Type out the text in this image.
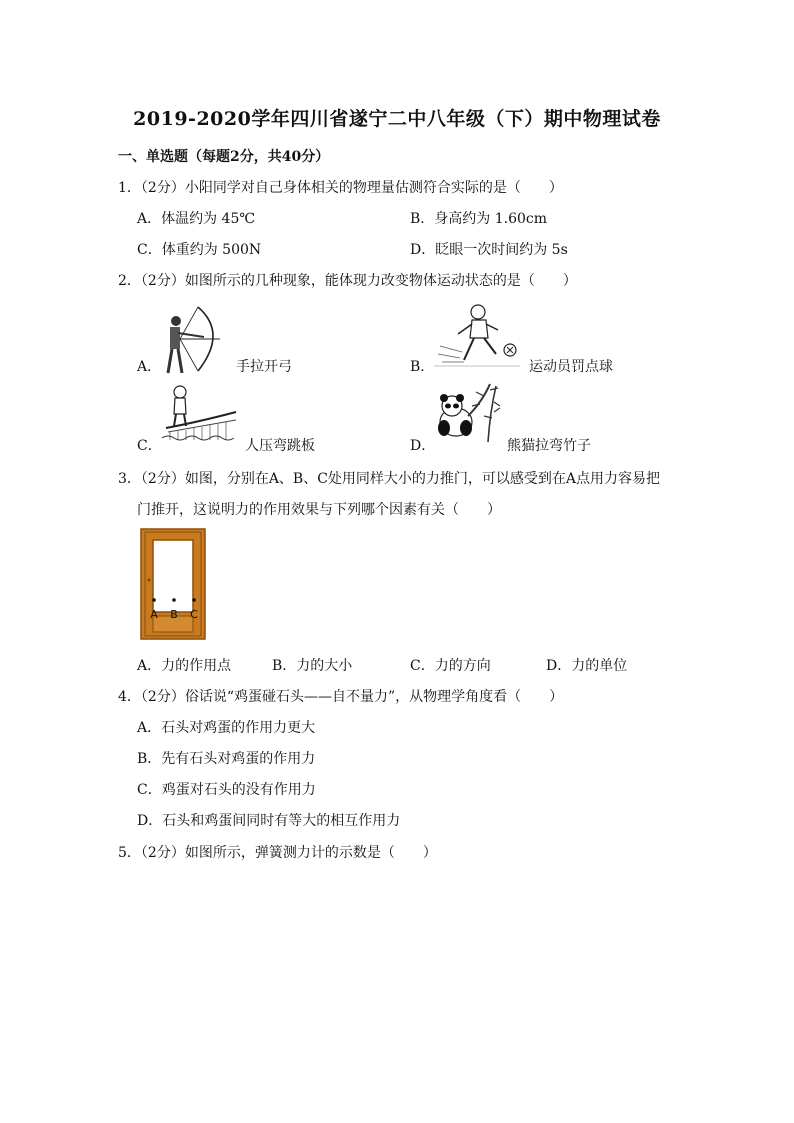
2019-2020学年四川省遂宁二中八年级（下）期中物理试卷
一、单选题（每题2分，共40分）
1．（2分）小阳同学对自己身体相关的物理量估测符合实际的是（　　）
A．体温约为 45℃	B．身高约为 1.60cm
C．体重约为 500N	D．眨眼一次时间约为 5s
2．（2分）如图所示的几种现象，能体现力改变物体运动状态的是（　　）
A．	手拉开弓	B．	运动员罚点球
C．	人压弯跳板	D．	熊猫拉弯竹子
3．（2分）如图，分别在A、B、C处用同样大小的力推门，可以感受到在A点用力容易把
门推开，这说明力的作用效果与下列哪个因素有关（　　）
A B C
A．力的作用点	B．力的大小	C．力的方向	D．力的单位
4．（2分）俗话说“鸡蛋碰石头——自不量力”，从物理学角度看（　　）
A．石头对鸡蛋的作用力更大
B．先有石头对鸡蛋的作用力
C．鸡蛋对石头的没有作用力
D．石头和鸡蛋间同时有等大的相互作用力
5．（2分）如图所示，弹簧测力计的示数是（　　）
